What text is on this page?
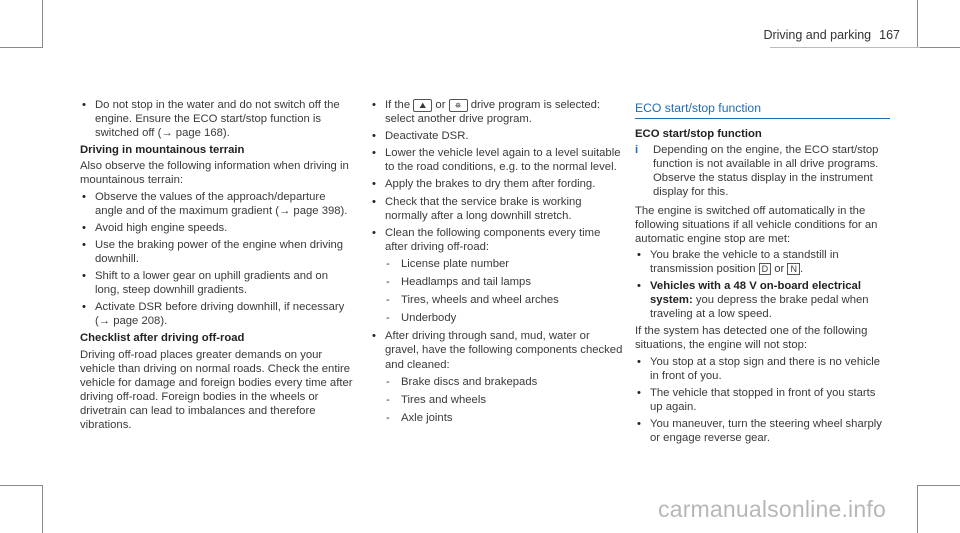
Driving and parking 167
• Do not stop in the water and do not switch off the engine. Ensure the ECO start/stop function is switched off (→ page 168).

Driving in mountainous terrain

Also observe the following information when driving in mountainous terrain:

• Observe the values of the approach/departure angle and of the maximum gradient (→ page 398).
• Avoid high engine speeds.
• Use the braking power of the engine when driving downhill.
• Shift to a lower gear on uphill gradients and on long, steep downhill gradients.
• Activate DSR before driving downhill, if necessary (→ page 208).

Checklist after driving off-road

Driving off-road places greater demands on your vehicle than driving on normal roads. Check the entire vehicle for damage and foreign bodies every time after driving off-road. Foreign bodies in the wheels or drivetrain can lead to imbalances and therefore vibrations.

• If the ⛰ or ⛯ drive program is selected: select another drive program.
• Deactivate DSR.
• Lower the vehicle level again to a level suitable to the road conditions, e.g. to the normal level.
• Apply the brakes to dry them after fording.
• Check that the service brake is working normally after a long downhill stretch.
• Clean the following components every time after driving off-road:
- License plate number
- Headlamps and tail lamps
- Tires, wheels and wheel arches
- Underbody
• After driving through sand, mud, water or gravel, have the following components checked and cleaned:
- Brake discs and brakepads
- Tires and wheels
- Axle joints

ECO start/stop function

ECO start/stop function

i Depending on the engine, the ECO start/stop function is not available in all drive programs. Observe the status display in the instrument display for this.

The engine is switched off automatically in the following situations if all vehicle conditions for an automatic engine stop are met:

• You brake the vehicle to a standstill in transmission position D or N .
• Vehicles with a 48 V on-board electrical system: you depress the brake pedal when traveling at a low speed.

If the system has detected one of the following situations, the engine will not stop:

• You stop at a stop sign and there is no vehicle in front of you.
• The vehicle that stopped in front of you starts up again.
• You maneuver, turn the steering wheel sharply or engage reverse gear.
carmanualsonline.info
